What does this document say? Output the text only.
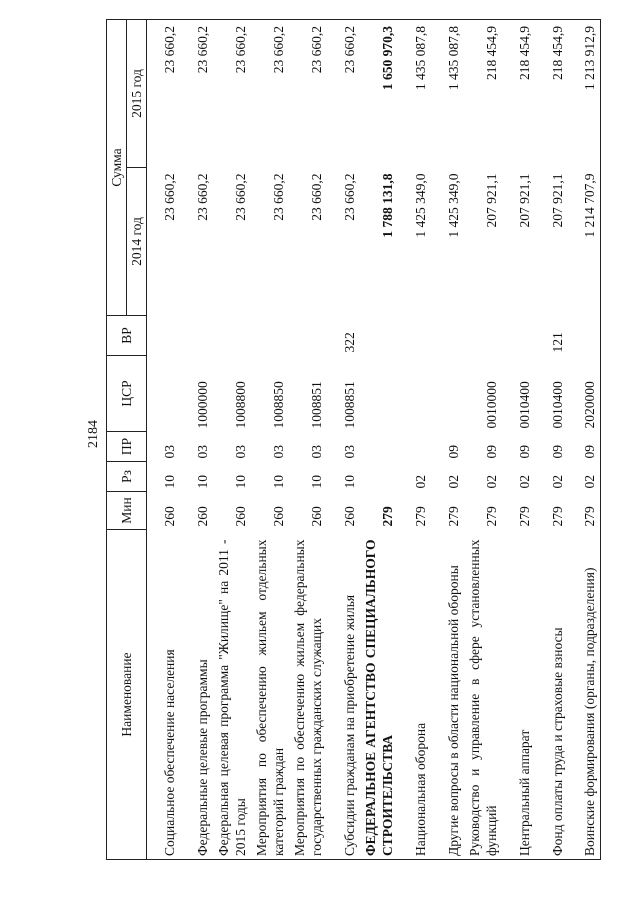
2184
Наименование	Мин	Рз	ПР	ЦСР	ВР	Сумма	
						2014 год	2015 год
Социальное обеспечение населения	260	10	03			23 660,2	23 660,2
Федеральные целевые программы	260	10	03	1000000		23 660,2	23 660,2
Федеральная целевая программа "Жилище" на 2011 - 2015 годы	260	10	03	1008800		23 660,2	23 660,2
Мероприятия по обеспечению жильем отдельных категорий граждан	260	10	03	1008850		23 660,2	23 660,2
Мероприятия по обеспечению жильем федеральных государственных гражданских служащих	260	10	03	1008851		23 660,2	23 660,2
Субсидии гражданам на приобретение жилья	260	10	03	1008851	322	23 660,2	23 660,2
ФЕДЕРАЛЬНОЕ АГЕНТСТВО СПЕЦИАЛЬНОГО СТРОИТЕЛЬСТВА	279					1 788 131,8	1 650 970,3
Национальная оборона	279	02				1 425 349,0	1 435 087,8
Другие вопросы в области национальной обороны	279	02	09			1 425 349,0	1 435 087,8
Руководство и управление в сфере установленных функций	279	02	09	0010000		207 921,1	218 454,9
Центральный аппарат	279	02	09	0010400		207 921,1	218 454,9
Фонд оплаты труда и страховые взносы	279	02	09	0010400	121	207 921,1	218 454,9
Воинские формирования (органы, подразделения)	279	02	09	2020000		1 214 707,9	1 213 912,9
